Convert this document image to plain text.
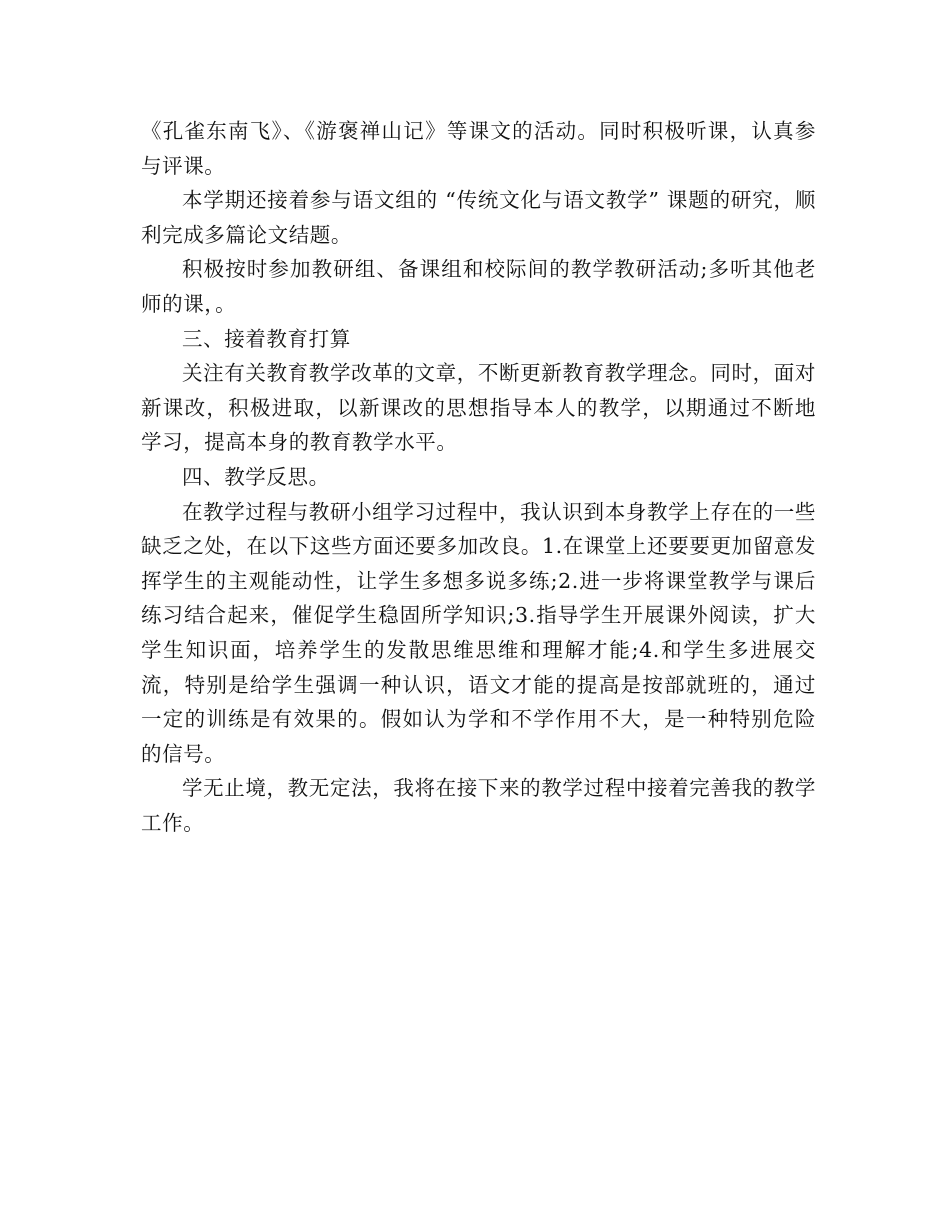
《孔雀东南飞》、《游褒禅山记》等课文的活动。同时积极听课，认真参与评课。

本学期还接着参与语文组的 “传统文化与语文教学” 课题的研究，顺利完成多篇论文结题。

积极按时参加教研组、备课组和校际间的教学教研活动;多听其他老师的课，。

三、接着教育打算

关注有关教育教学改革的文章，不断更新教育教学理念。同时，面对新课改，积极进取，以新课改的思想指导本人的教学，以期通过不断地学习，提高本身的教育教学水平。

四、教学反思。

在教学过程与教研小组学习过程中，我认识到本身教学上存在的一些缺乏之处，在以下这些方面还要多加改良。1.在课堂上还要要更加留意发挥学生的主观能动性，让学生多想多说多练;2.进一步将课堂教学与课后练习结合起来，催促学生稳固所学知识;3.指导学生开展课外阅读，扩大学生知识面，培养学生的发散思维思维和理解才能;4.和学生多进展交流，特别是给学生强调一种认识，语文才能的提高是按部就班的，通过一定的训练是有效果的。假如认为学和不学作用不大，是一种特别危险的信号。

学无止境，教无定法，我将在接下来的教学过程中接着完善我的教学工作。
